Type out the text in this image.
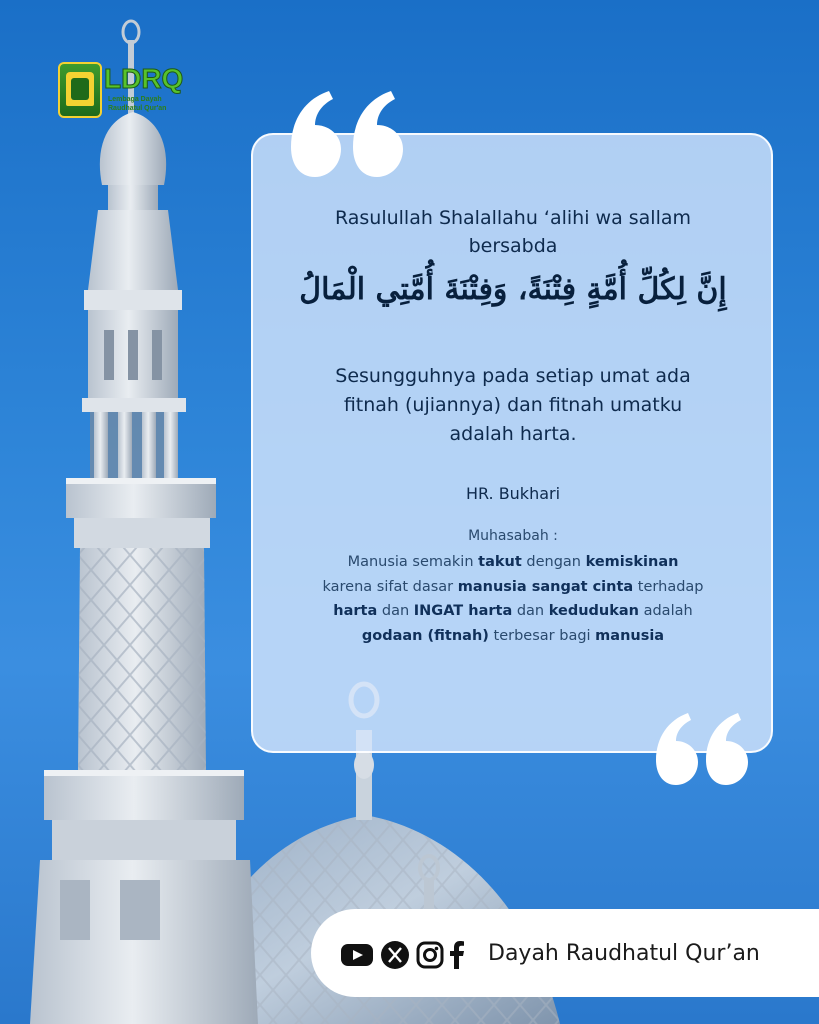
LDRQ
Lembaga Dayah
Raudhatul Qur'an
Rasulullah Shalallahu ‘alihi wa sallam
bersabda
إِنَّ لِكُلِّ أُمَّةٍ فِتْنَةً، وَفِتْنَةَ أُمَّتِي الْمَالُ
Sesungguhnya pada setiap umat ada
fitnah (ujiannya) dan fitnah umatku
adalah harta.
HR. Bukhari
Muhasabah :
Manusia semakin takut dengan kemiskinan
karena sifat dasar manusia sangat cinta terhadap
harta dan INGAT harta dan kedudukan adalah
godaan (fitnah) terbesar bagi manusia
Dayah Raudhatul Qur’an
